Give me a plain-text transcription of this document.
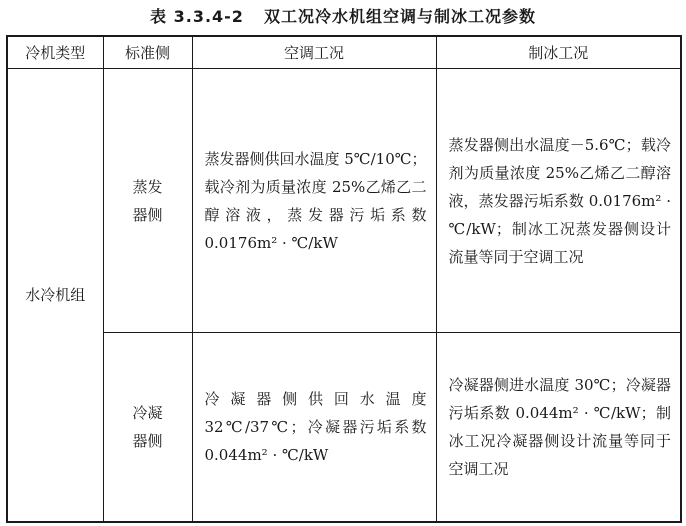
表 3.3.4-2 双工况冷水机组空调与制冰工况参数
冷机类型	标准侧	空调工况	制冰工况
水冷机组	蒸发器侧	蒸发器侧供回水温度 5℃/10℃；载冷剂为质量浓度 25%乙烯乙二醇溶液，蒸发器污垢系数 0.0176m² · ℃/kW	蒸发器侧出水温度－5.6℃；载冷剂为质量浓度 25%乙烯乙二醇溶液，蒸发器污垢系数 0.0176m² · ℃/kW；制冰工况蒸发器侧设计流量等同于空调工况
	冷凝器侧	冷凝器侧供回水温度 32℃/37℃；冷凝器污垢系数 0.044m² · ℃/kW	冷凝器侧进水温度 30℃；冷凝器污垢系数 0.044m² · ℃/kW；制冰工况冷凝器侧设计流量等同于空调工况
